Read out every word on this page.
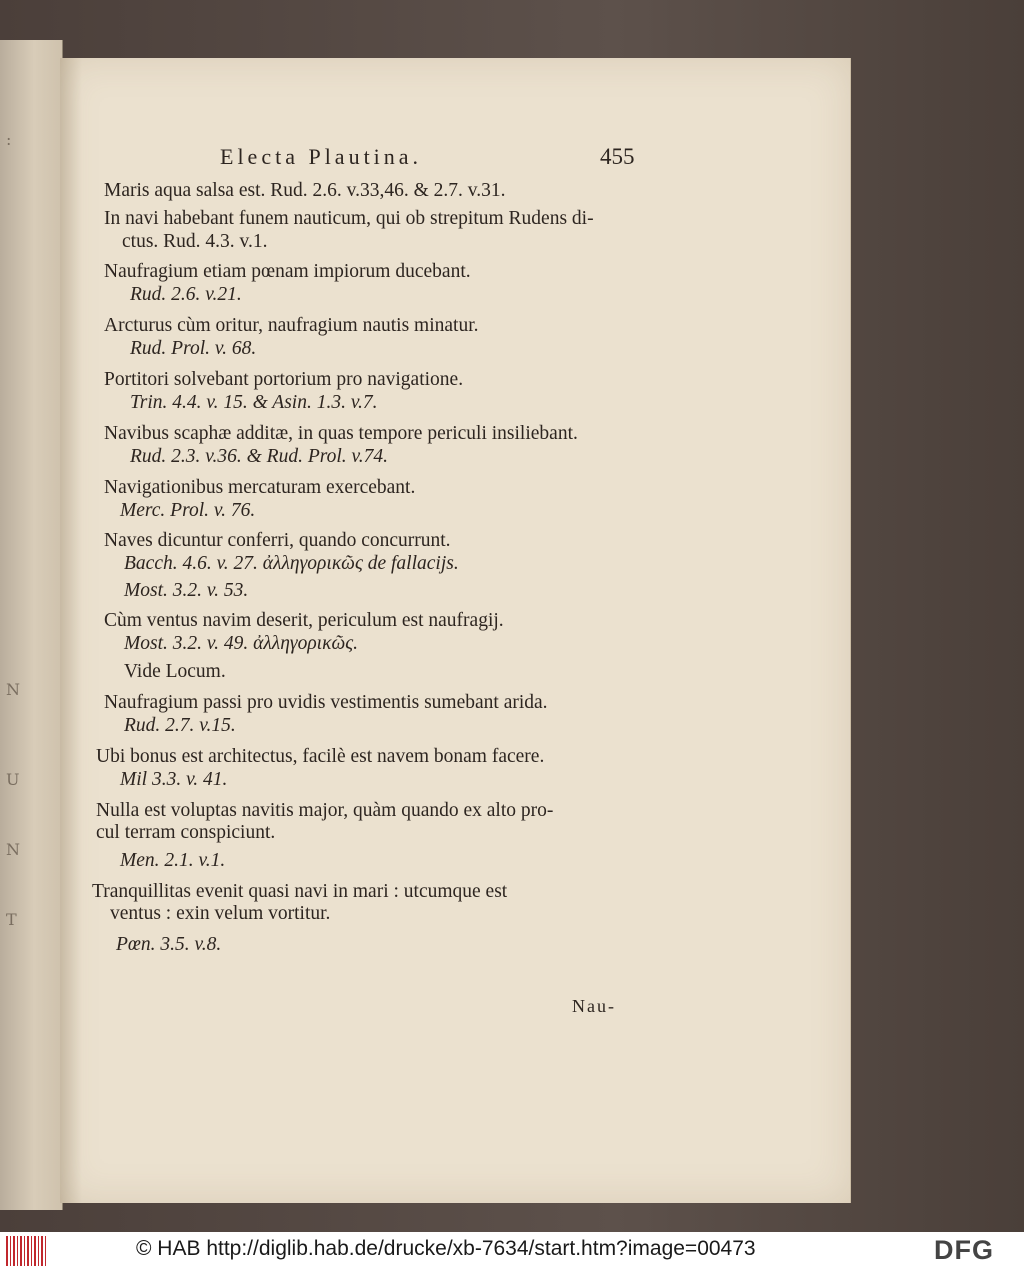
:
N
U
N
T
Electa Plautina.	455
Maris aqua salsa est. Rud. 2.6. v.33,46. & 2.7. v.31.
In navi habebant funem nauticum, qui ob strepitum Rudens di-
ctus. Rud. 4.3. v.1.
Naufragium etiam pœnam impiorum ducebant.
Rud. 2.6. v.21.
Arcturus cùm oritur, naufragium nautis minatur.
Rud. Prol. v. 68.
Portitori solvebant portorium pro navigatione.
Trin. 4.4. v. 15. & Asin. 1.3. v.7.
Navibus scaphæ additæ, in quas tempore periculi insiliebant.
Rud. 2.3. v.36. & Rud. Prol. v.74.
Navigationibus mercaturam exercebant.
Merc. Prol. v. 76.
Naves dicuntur conferri, quando concurrunt.
Bacch. 4.6. v. 27. ἀλληγορικῶς de fallacijs.
Most. 3.2. v. 53.
Cùm ventus navim deserit, periculum est naufragij.
Most. 3.2. v. 49. ἀλληγορικῶς.
Vide Locum.
Naufragium passi pro uvidis vestimentis sumebant arida.
Rud. 2.7. v.15.
Ubi bonus est architectus, facilè est navem bonam facere.
Mil 3.3. v. 41.
Nulla est voluptas navitis major, quàm quando ex alto pro-
cul terram conspiciunt.
Men. 2.1. v.1.
Tranquillitas evenit quasi navi in mari : utcumque est
ventus : exin velum vortitur.
Pœn. 3.5. v.8.
Nau-
© HAB http://diglib.hab.de/drucke/xb-7634/start.htm?image=00473	DFG
